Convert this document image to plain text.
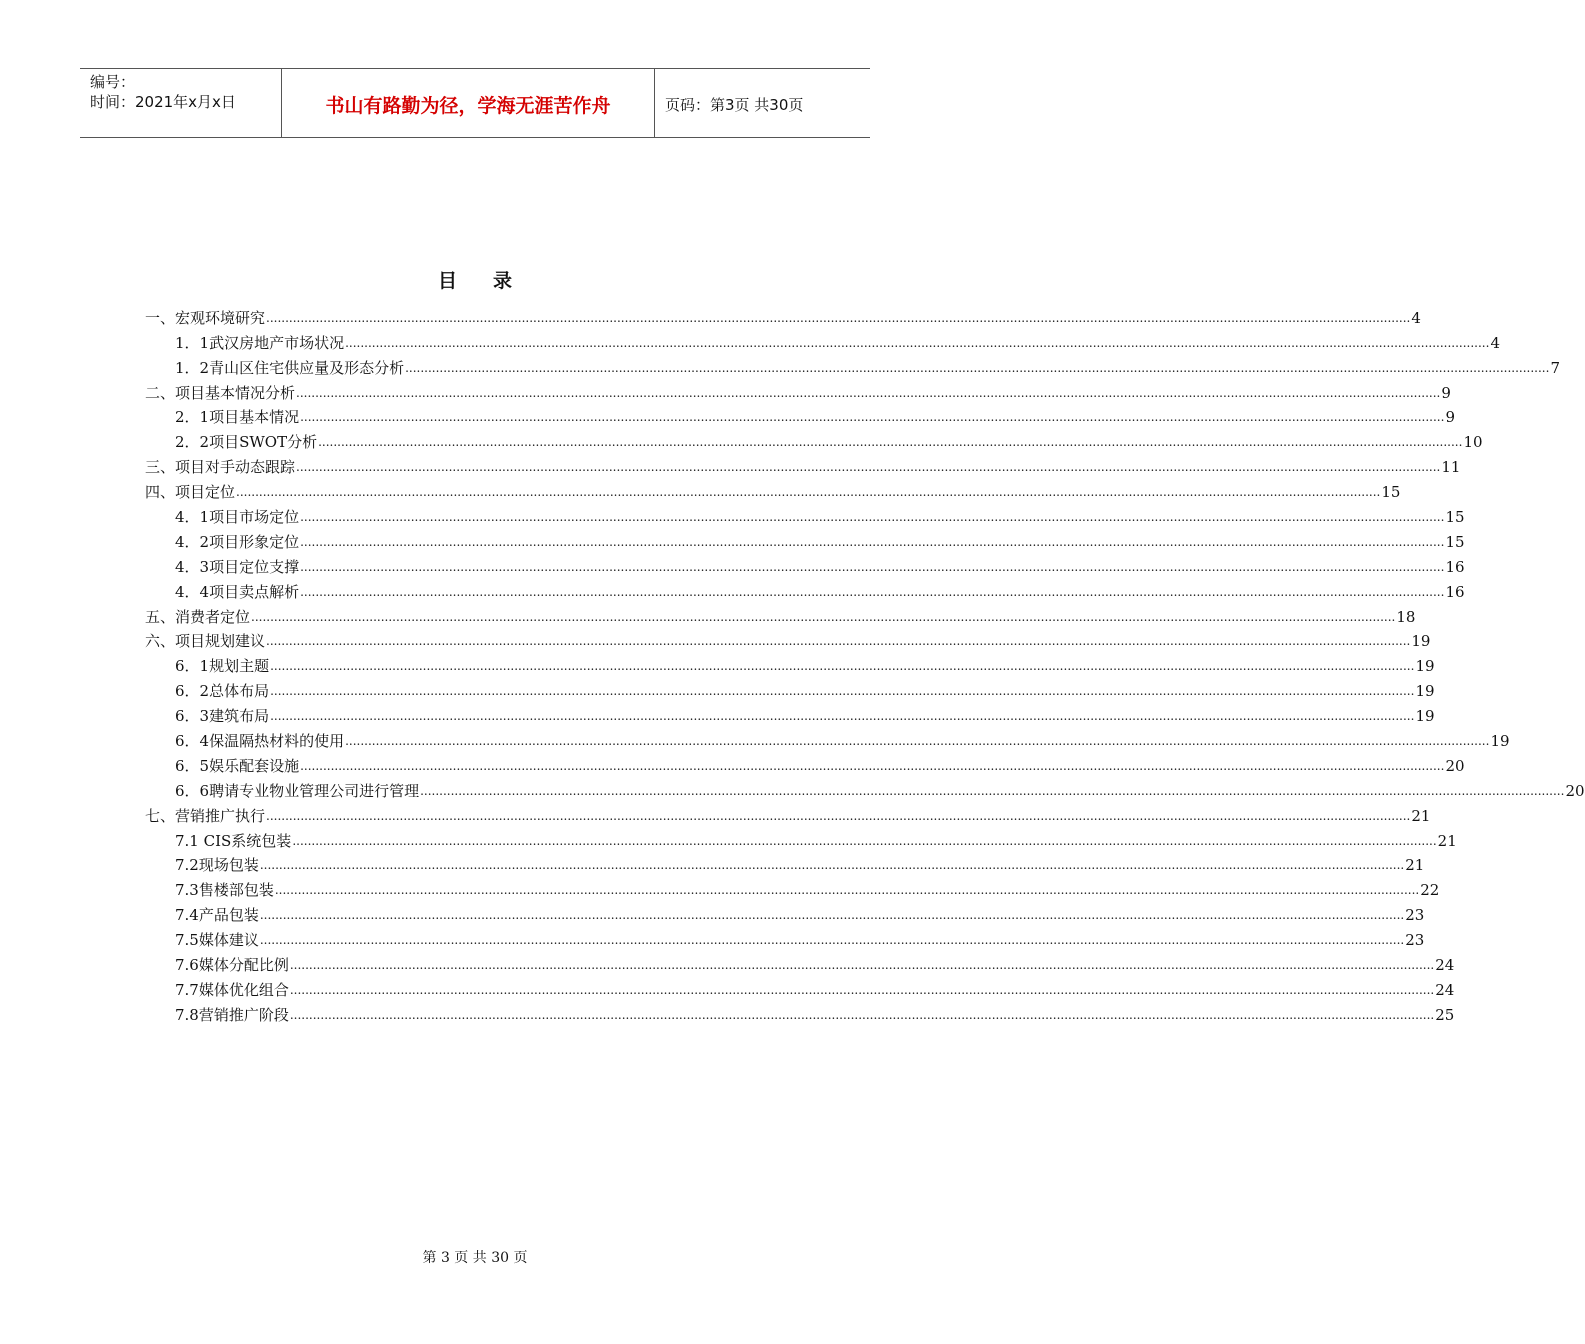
编号：
时间：2021年x月x日	书山有路勤为径，学海无涯苦作舟	页码：第3页 共30页
目 录
一、 宏观环境研究 ............................................................................................................................................................................................................................................................................................................ 4
1．1武汉房地产市场状况 ............................................................................................................................................................................................................................................................................................................ 4
1．2青山区住宅供应量及形态分析 ............................................................................................................................................................................................................................................................................................................ 7
二、 项目基本情况分析 ............................................................................................................................................................................................................................................................................................................ 9
2．1项目基本情况 ............................................................................................................................................................................................................................................................................................................ 9
2．2项目SWOT分析 ............................................................................................................................................................................................................................................................................................................ 10
三、 项目对手动态跟踪 ............................................................................................................................................................................................................................................................................................................ 11
四、 项目定位 ............................................................................................................................................................................................................................................................................................................ 15
4．1项目市场定位 ............................................................................................................................................................................................................................................................................................................ 15
4．2项目形象定位 ............................................................................................................................................................................................................................................................................................................ 15
4．3项目定位支撑 ............................................................................................................................................................................................................................................................................................................ 16
4．4项目卖点解析 ............................................................................................................................................................................................................................................................................................................ 16
五、 消费者定位 ............................................................................................................................................................................................................................................................................................................ 18
六、 项目规划建议 ............................................................................................................................................................................................................................................................................................................ 19
6．1规划主题 ............................................................................................................................................................................................................................................................................................................ 19
6．2总体布局 ............................................................................................................................................................................................................................................................................................................ 19
6．3建筑布局 ............................................................................................................................................................................................................................................................................................................ 19
6．4保温隔热材料的使用 ............................................................................................................................................................................................................................................................................................................ 19
6．5娱乐配套设施 ............................................................................................................................................................................................................................................................................................................ 20
6．6聘请专业物业管理公司进行管理 ............................................................................................................................................................................................................................................................................................................ 20
七、 营销推广执行 ............................................................................................................................................................................................................................................................................................................ 21
7.1 CIS系统包装 ............................................................................................................................................................................................................................................................................................................ 21
7.2现场包装 ............................................................................................................................................................................................................................................................................................................ 21
7.3售楼部包装 ............................................................................................................................................................................................................................................................................................................ 22
7.4产品包装 ............................................................................................................................................................................................................................................................................................................ 23
7.5媒体建议 ............................................................................................................................................................................................................................................................................................................ 23
7.6媒体分配比例 ............................................................................................................................................................................................................................................................................................................ 24
7.7媒体优化组合 ............................................................................................................................................................................................................................................................................................................ 24
7.8营销推广阶段 ............................................................................................................................................................................................................................................................................................................ 25
第 3 页 共 30 页
